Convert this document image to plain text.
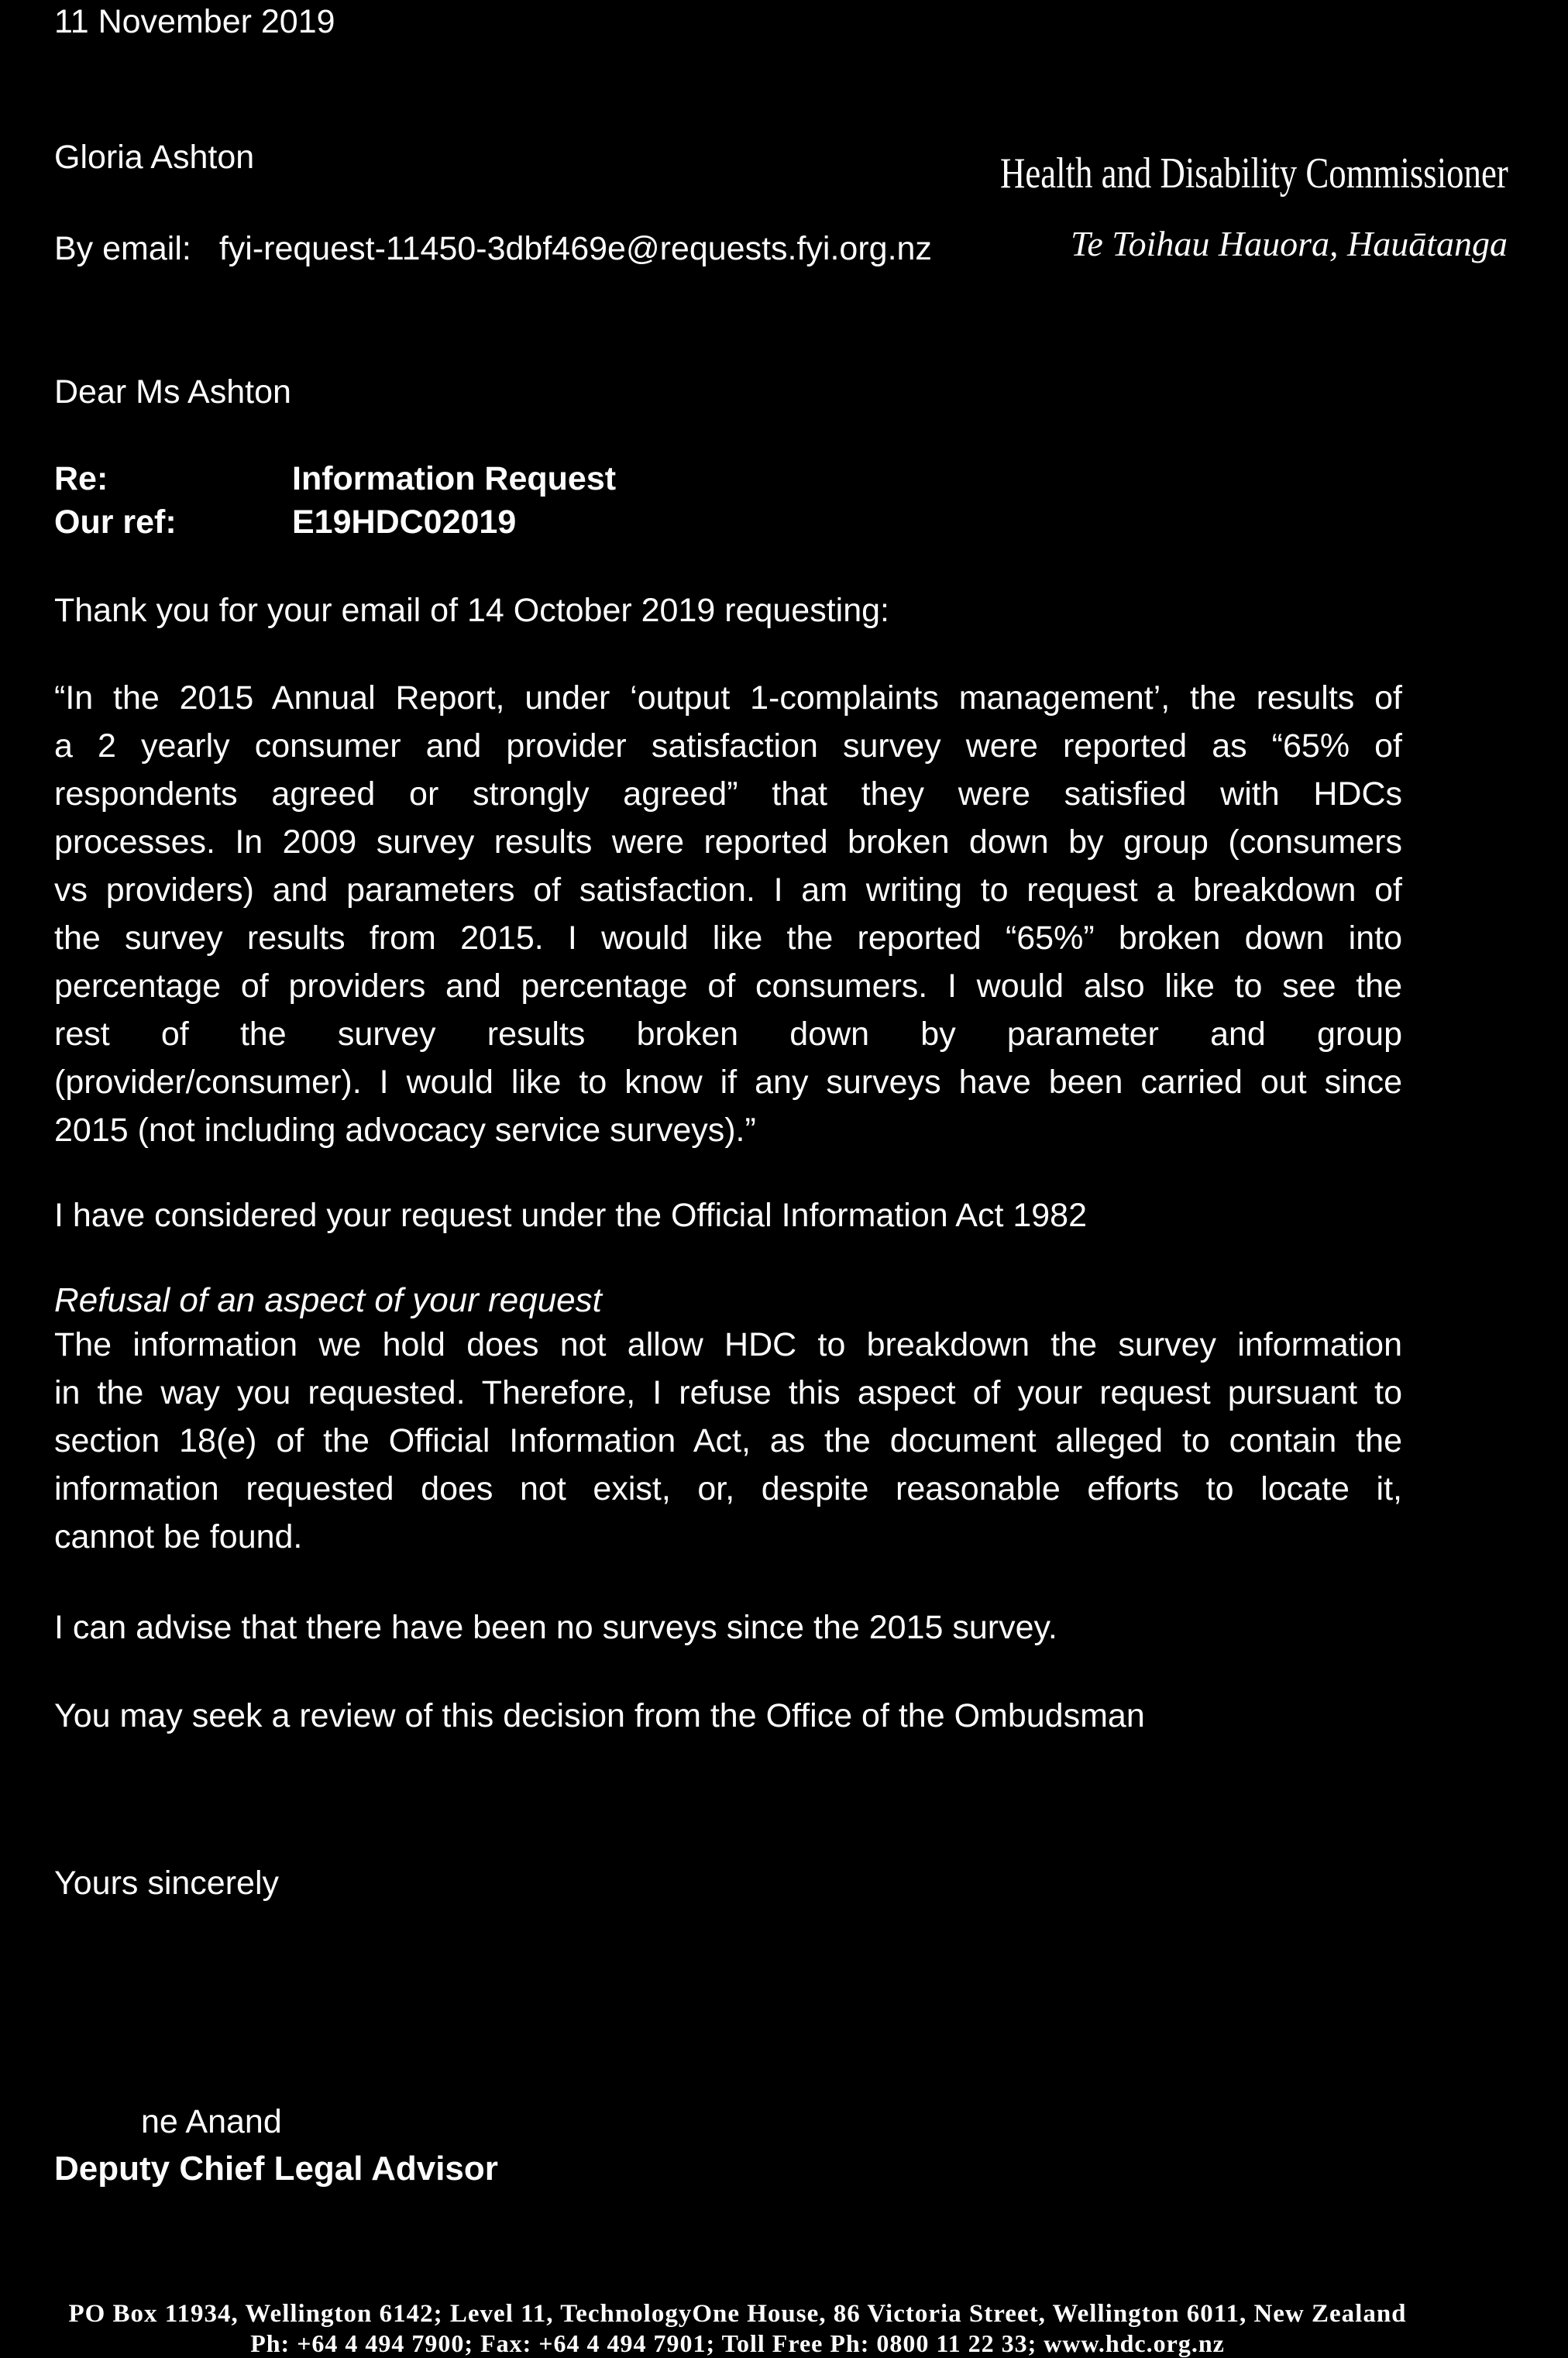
11 November 2019
Health and Disability Commissioner
Te Toihau Hauora, Hauātanga
Gloria Ashton
By email: fyi-request-11450-3dbf469e@requests.fyi.org.nz
Dear Ms Ashton
Re:	Information Request
Our ref:	E19HDC02019
Thank you for your email of 14 October 2019 requesting:
“In the 2015 Annual Report, under ‘output 1-complaints management’, the results of
a 2 yearly consumer and provider satisfaction survey were reported as “65% of
respondents agreed or strongly agreed” that they were satisfied with HDCs
processes. In 2009 survey results were reported broken down by group (consumers
vs providers) and parameters of satisfaction. I am writing to request a breakdown of
the survey results from 2015. I would like the reported “65%” broken down into
percentage of providers and percentage of consumers. I would also like to see the
rest of the survey results broken down by parameter and group
(provider/consumer). I would like to know if any surveys have been carried out since
2015 (not including advocacy service surveys).”
I have considered your request under the Official Information Act 1982
Refusal of an aspect of your request
The information we hold does not allow HDC to breakdown the survey information
in the way you requested. Therefore, I refuse this aspect of your request pursuant to
section 18(e) of the Official Information Act, as the document alleged to contain the
information requested does not exist, or, despite reasonable efforts to locate it,
cannot be found.
I can advise that there have been no surveys since the 2015 survey.
You may seek a review of this decision from the Office of the Ombudsman
Yours sincerely
ne Anand
Deputy Chief Legal Advisor
PO Box 11934, Wellington 6142; Level 11, TechnologyOne House, 86 Victoria Street, Wellington 6011, New Zealand
Ph: +64 4 494 7900; Fax: +64 4 494 7901; Toll Free Ph: 0800 11 22 33; www.hdc.org.nz
